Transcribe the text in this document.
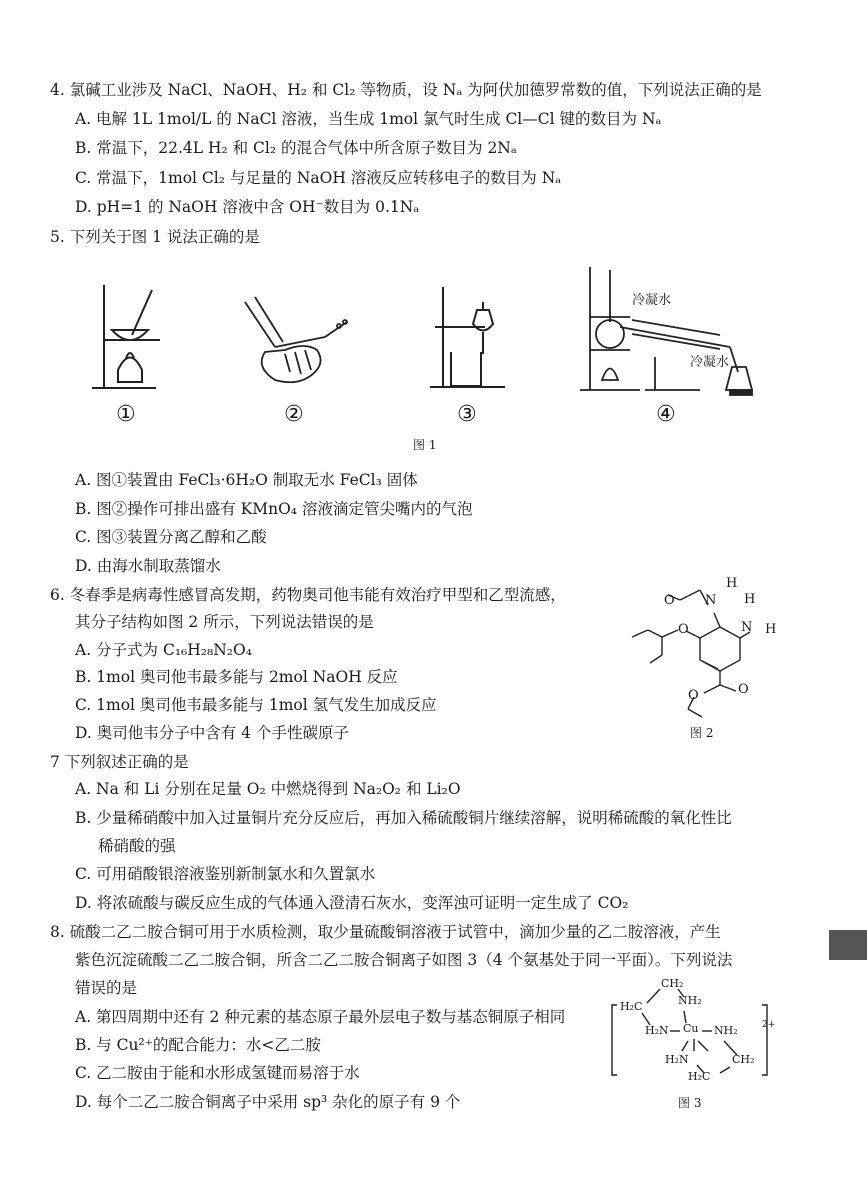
4. 氯碱工业涉及 NaCl、NaOH、H₂ 和 Cl₂ 等物质，设 Nₐ 为阿伏加德罗常数的值，下列说法正确的是
A. 电解 1L 1mol/L 的 NaCl 溶液，当生成 1mol 氯气时生成 Cl—Cl 键的数目为 Nₐ
B. 常温下，22.4L H₂ 和 Cl₂ 的混合气体中所含原子数目为 2Nₐ
C. 常温下，1mol Cl₂ 与足量的 NaOH 溶液反应转移电子的数目为 Nₐ
D. pH=1 的 NaOH 溶液中含 OH⁻数目为 0.1Nₐ
5. 下列关于图 1 说法正确的是
①	②	③
冷凝水
冷凝水
④
图 1
A. 图①装置由 FeCl₃·6H₂O 制取无水 FeCl₃ 固体
B. 图②操作可排出盛有 KMnO₄ 溶液滴定管尖嘴内的气泡
C. 图③装置分离乙醇和乙酸
D. 由海水制取蒸馏水
6. 冬春季是病毒性感冒高发期，药物奥司他韦能有效治疗甲型和乙型流感，
其分子结构如图 2 所示，下列说法错误的是
A. 分子式为 C₁₆H₂₈N₂O₄
B. 1mol 奥司他韦最多能与 2mol NaOH 反应
C. 1mol 奥司他韦最多能与 1mol 氢气发生加成反应
D. 奥司他韦分子中含有 4 个手性碳原子
H
N H
N H
O
O
O
O
图 2
7 下列叙述正确的是
A. Na 和 Li 分别在足量 O₂ 中燃烧得到 Na₂O₂ 和 Li₂O
B. 少量稀硝酸中加入过量铜片充分反应后，再加入稀硫酸铜片继续溶解，说明稀硫酸的氧化性比
稀硝酸的强
C. 可用硝酸银溶液鉴别新制氯水和久置氯水
D. 将浓硫酸与碳反应生成的气体通入澄清石灰水，变浑浊可证明一定生成了 CO₂
8. 硫酸二乙二胺合铜可用于水质检测，取少量硫酸铜溶液于试管中，滴加少量的乙二胺溶液，产生
紫色沉淀硫酸二乙二胺合铜，所含二乙二胺合铜离子如图 3（4 个氨基处于同一平面）。下列说法
错误的是
A. 第四周期中还有 2 种元素的基态原子最外层电子数与基态铜原子相同
B. 与 Cu²⁺的配合能力：水<乙二胺
C. 乙二胺由于能和水形成氢键而易溶于水
D. 每个二乙二胺合铜离子中采用 sp³ 杂化的原子有 9 个
CH₂
H₂C	NH₂
H₂N Cu NH₂
H₂N	CH₂
H₂C
2+
图 3
